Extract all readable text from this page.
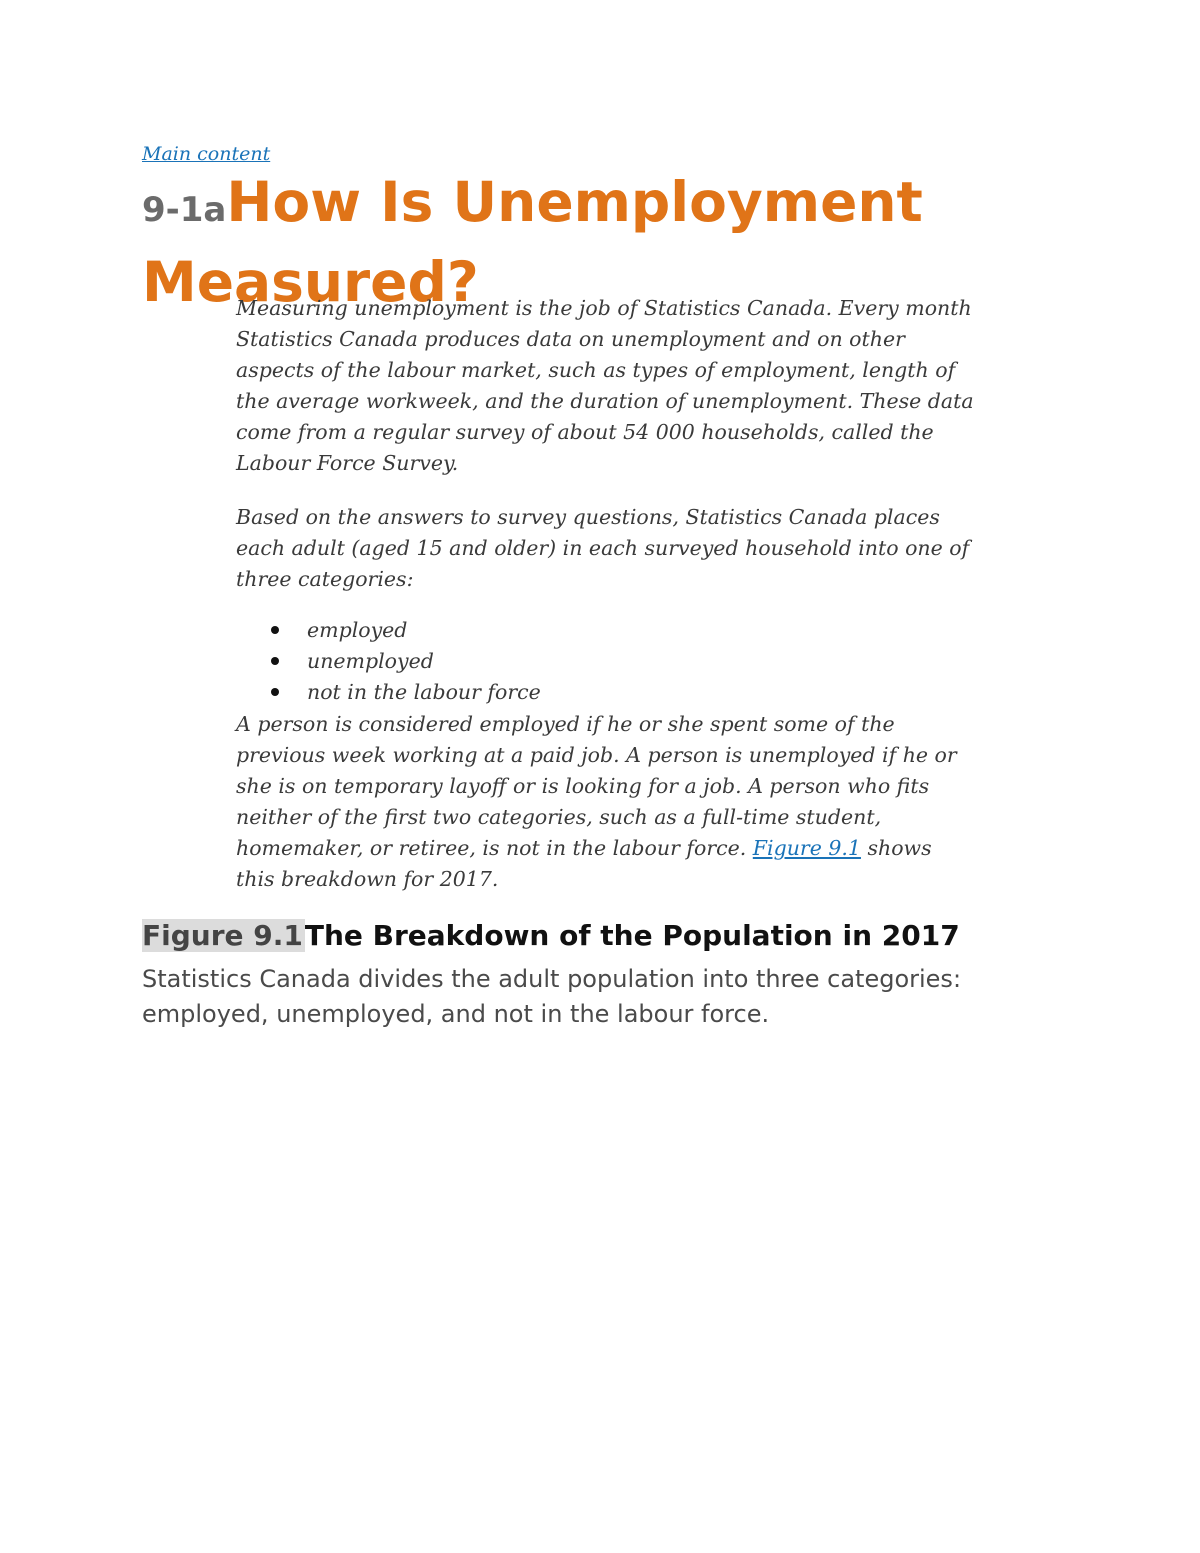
Main content
9-1aHow Is Unemployment Measured?

Measuring unemployment is the job of Statistics Canada. Every month Statistics Canada produces data on unemployment and on other aspects of the labour market, such as types of employment, length of the average workweek, and the duration of unemployment. These data come from a regular survey of about 54 000 households, called the Labour Force Survey.

Based on the answers to survey questions, Statistics Canada places each adult (aged 15 and older) in each surveyed household into one of three categories:

employed
unemployed
not in the labour force

A person is considered employed if he or she spent some of the previous week working at a paid job. A person is unemployed if he or she is on temporary layoff or is looking for a job. A person who fits neither of the first two categories, such as a full-time student, homemaker, or retiree, is not in the labour force. Figure 9.1 shows this breakdown for 2017.

Figure 9.1The Breakdown of the Population in 2017

Statistics Canada divides the adult population into three categories: employed, unemployed, and not in the labour force.
